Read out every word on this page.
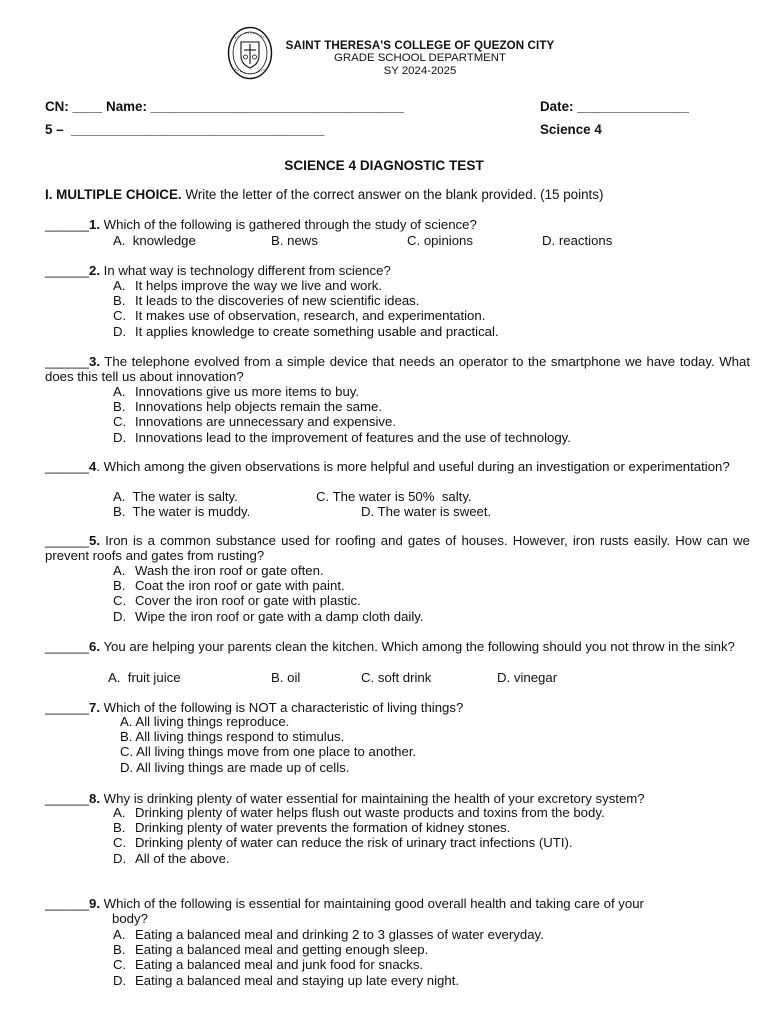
SAINT THERESA'S COLLEGE OF QUEZON CITY
GRADE SCHOOL DEPARTMENT
SY 2024-2025
CN: ____ Name: __________________________________	Date: _______________
5 –  __________________________________	Science 4
SCIENCE 4 DIAGNOSTIC TEST
I. MULTIPLE CHOICE. Write the letter of the correct answer on the blank provided. (15 points)
______1. Which of the following is gathered through the study of science?
A.  knowledge	B. news	C. opinions	D. reactions
______2. In what way is technology different from science?
A. It helps improve the way we live and work.
B. It leads to the discoveries of new scientific ideas.
C. It makes use of observation, research, and experimentation.
D. It applies knowledge to create something usable and practical.
______3. The telephone evolved from a simple device that needs an operator to the smartphone we have today. What does this tell us about innovation?
A. Innovations give us more items to buy.
B. Innovations help objects remain the same.
C. Innovations are unnecessary and expensive.
D. Innovations lead to the improvement of features and the use of technology.
______4. Which among the given observations is more helpful and useful during an investigation or experimentation?
A.  The water is salty.	C. The water is 50%  salty.
B.  The water is muddy.	D. The water is sweet.
______5. Iron is a common substance used for roofing and gates of houses. However, iron rusts easily. How can we prevent roofs and gates from rusting?
A. Wash the iron roof or gate often.
B. Coat the iron roof or gate with paint.
C. Cover the iron roof or gate with plastic.
D. Wipe the iron roof or gate with a damp cloth daily.
______6. You are helping your parents clean the kitchen. Which among the following should you not throw in the sink?
A.  fruit juice	B. oil	C. soft drink	D. vinegar
______7. Which of the following is NOT a characteristic of living things?
A. All living things reproduce.
B. All living things respond to stimulus.
C. All living things move from one place to another.
D. All living things are made up of cells.
______8. Why is drinking plenty of water essential for maintaining the health of your excretory system?
A. Drinking plenty of water helps flush out waste products and toxins from the body.
B. Drinking plenty of water prevents the formation of kidney stones.
C. Drinking plenty of water can reduce the risk of urinary tract infections (UTI).
D. All of the above.
______9. Which of the following is essential for maintaining good overall health and taking care of your
body?
A. Eating a balanced meal and drinking 2 to 3 glasses of water everyday.
B. Eating a balanced meal and getting enough sleep.
C. Eating a balanced meal and junk food for snacks.
D. Eating a balanced meal and staying up late every night.
